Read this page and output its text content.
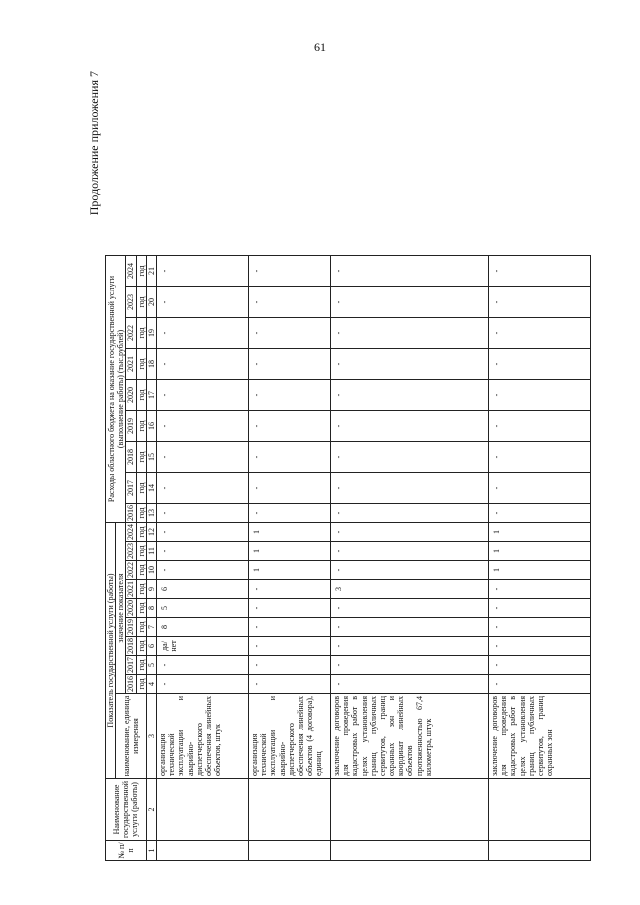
61
Продолжение приложения 7
№ п/п	Наименование государственной услуги (работы)	Показатель государственной услуги (работы)										Расходы областного бюджета на оказание государственной услуги (выполнение работы) (тыс.рублей)								
		наименование, единица измерения	значение показателя																	
			2016	2017	2018	2019	2020	2021	2022	2023	2024	2016	2017	2018	2019	2020	2021	2022	2023	2024
			год	год	год	год	год	год	год	год	год	год	год	год	год	год	год	год	год	год
1	2	3	4	5	6	7	8	9	10	11	12	13	14	15	16	17	18	19	20	21
		организация технической эксплуатации и аварийно-диспетчерского обеспечения линейных объектов, штук	-	-	да/нет	8	5	6	-	-	-	-	-	-	-	-	-	-	-	-
		организация технической эксплуатации и аварийно-диспетчерского обеспечения линейных объектов (4 договора), единиц	-	-	-	-	-	-	1	1	1	-	-	-	-	-	-	-	-	-
		заключение договоров для проведения кадастровых работ в целях установления границ публичных сервитутов, границ охранных зон и координат линейных объектов протяженностью 67,4 километра, штук	-	-	-	-	-	3	-	-	-	-	-	-	-	-	-	-	-	-
		заключение договоров для проведения кадастровых работ в целях установления границ публичных сервитутов, границ охранных зон	-	-	-	-	-	-	1	1	1	-	-	-	-	-	-	-	-	-
